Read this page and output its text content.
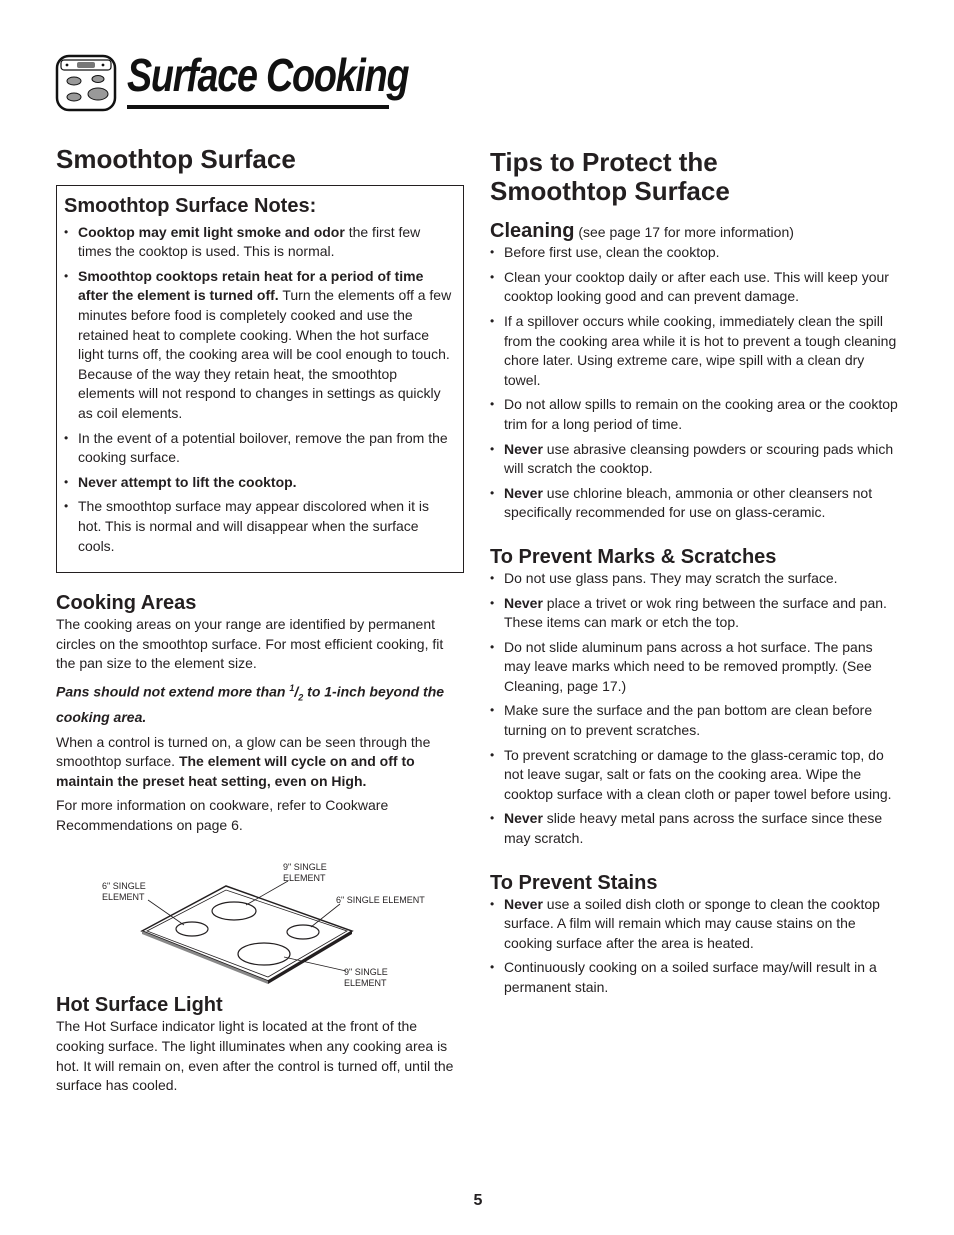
Surface Cooking
Smoothtop Surface
Smoothtop Surface Notes:
• Cooktop may emit light smoke and odor the first few times the cooktop is used. This is normal.
• Smoothtop cooktops retain heat for a period of time after the element is turned off. Turn the elements off a few minutes before food is completely cooked and use the retained heat to complete cooking. When the hot surface light turns off, the cooking area will be cool enough to touch. Because of the way they retain heat, the smoothtop elements will not respond to changes in settings as quickly as coil elements.
• In the event of a potential boilover, remove the pan from the cooking surface.
• Never attempt to lift the cooktop.
• The smoothtop surface may appear discolored when it is hot. This is normal and will disappear when the surface cools.
Cooking Areas

The cooking areas on your range are identified by permanent circles on the smoothtop surface. For most efficient cooking, fit the pan size to the element size.

Pans should not extend more than $^1/_2$ to 1-inch beyond the cooking area.

When a control is turned on, a glow can be seen through the smoothtop surface. The element will cycle on and off to maintain the preset heat setting, even on High.

For more information on cookware, refer to Cookware Recommendations on page 6.

6" SINGLE
ELEMENT
9" SINGLE
ELEMENT
6" SINGLE ELEMENT
9" SINGLE
ELEMENT
Hot Surface Light

The Hot Surface indicator light is located at the front of the cooking surface. The light illuminates when any cooking area is hot. It will remain on, even after the control is turned off, until the surface has cooled.

Tips to Protect the
Smoothtop Surface
Cleaning (see page 17 for more information)
• Before first use, clean the cooktop.
• Clean your cooktop daily or after each use. This will keep your cooktop looking good and can prevent damage.
• If a spillover occurs while cooking, immediately clean the spill from the cooking area while it is hot to prevent a tough cleaning chore later. Using extreme care, wipe spill with a clean dry towel.
• Do not allow spills to remain on the cooking area or the cooktop trim for a long period of time.
• Never use abrasive cleansing powders or scouring pads which will scratch the cooktop.
• Never use chlorine bleach, ammonia or other cleansers not specifically recommended for use on glass-ceramic.
To Prevent Marks & Scratches
• Do not use glass pans. They may scratch the surface.
• Never place a trivet or wok ring between the surface and pan. These items can mark or etch the top.
• Do not slide aluminum pans across a hot surface. The pans may leave marks which need to be removed promptly. (See Cleaning, page 17.)
• Make sure the surface and the pan bottom are clean before turning on to prevent scratches.
• To prevent scratching or damage to the glass-ceramic top, do not leave sugar, salt or fats on the cooking area. Wipe the cooktop surface with a clean cloth or paper towel before using.
• Never slide heavy metal pans across the surface since these may scratch.
To Prevent Stains
• Never use a soiled dish cloth or sponge to clean the cooktop surface. A film will remain which may cause stains on the cooking surface after the area is heated.
• Continuously cooking on a soiled surface may/will result in a permanent stain.
5
